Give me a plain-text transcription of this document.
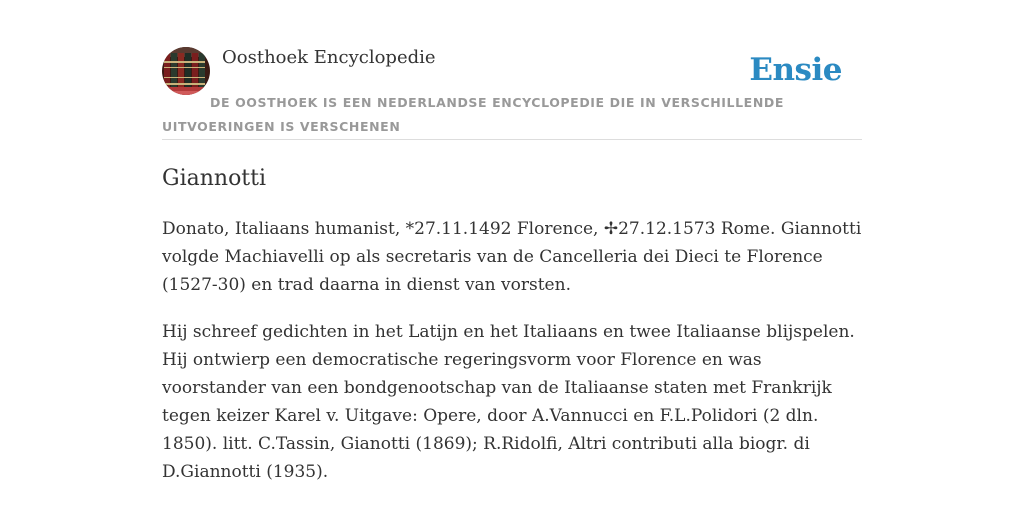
Oosthoek Encyclopedie	Ensie
DE OOSTHOEK IS EEN NEDERLANDSE ENCYCLOPEDIE DIE IN VERSCHILLENDE UITVOERINGEN IS VERSCHENEN
Giannotti

Donato, Italiaans humanist, *27.11.1492 Florence, ✢27.12.1573 Rome. Giannotti volgde Machiavelli op als secretaris van de Cancelleria dei Dieci te Florence (1527-30) en trad daarna in dienst van vorsten.

Hij schreef gedichten in het Latijn en het Italiaans en twee Italiaanse blijspelen. Hij ontwierp een democratische regeringsvorm voor Florence en was voorstander van een bondgenootschap van de Italiaanse staten met Frankrijk tegen keizer Karel v. Uitgave: Opere, door A.Vannucci en F.L.Polidori (2 dln. 1850). litt. C.Tassin, Gianotti (1869); R.Ridolfi, Altri contributi alla biogr. di D.Giannotti (1935).
